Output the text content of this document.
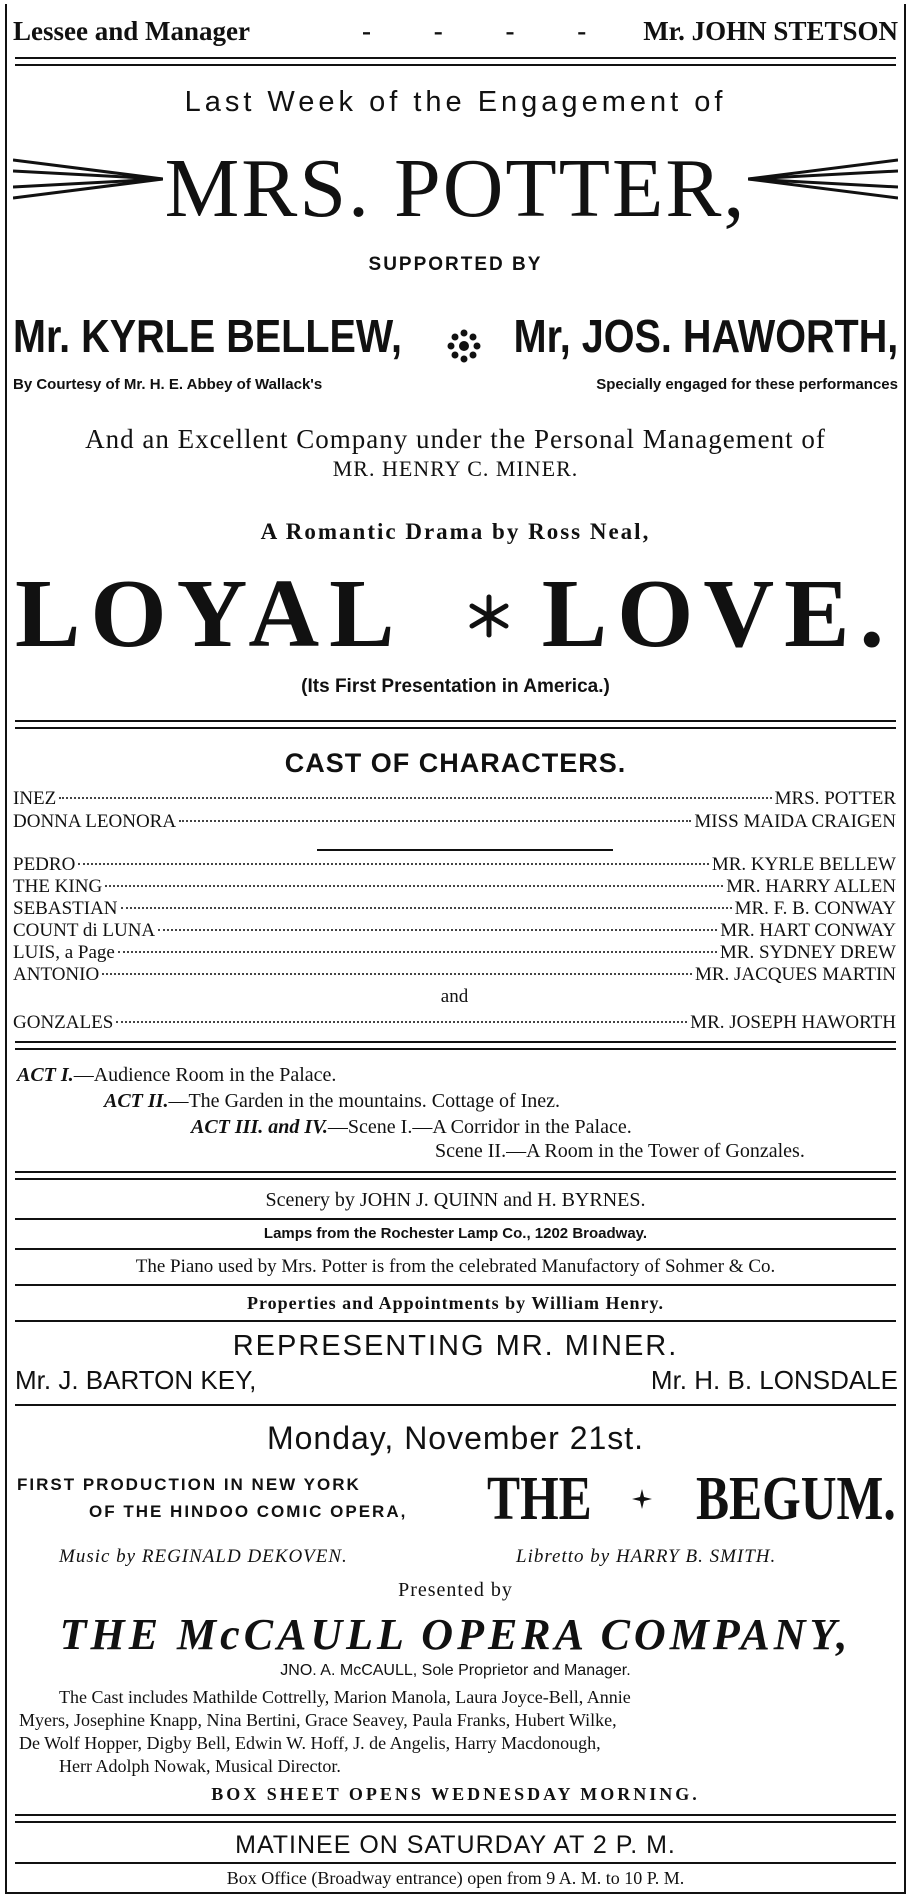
Lessee and Manager	- - - - Mr. JOHN STETSON
Last Week of the Engagement of
MRS. POTTER,
SUPPORTED BY
Mr. KYRLE BELLEW, Mr, JOS. HAWORTH,
By Courtesy of Mr. H. E. Abbey of Wallack's	Specially engaged for these performances
And an Excellent Company under the Personal Management of
MR. HENRY C. MINER.
A Romantic Drama by Ross Neal,
LOYAL LOVE.
(Its First Presentation in America.)
CAST OF CHARACTERS.
INEZ	MRS. POTTER
DONNA LEONORA	MISS MAIDA CRAIGEN
PEDRO	MR. KYRLE BELLEW
THE KING	MR. HARRY ALLEN
SEBASTIAN	MR. F. B. CONWAY
COUNT di LUNA	MR. HART CONWAY
LUIS, a Page	MR. SYDNEY DREW
ANTONIO	MR. JACQUES MARTIN
and
GONZALES	MR. JOSEPH HAWORTH
ACT I.—Audience Room in the Palace.
ACT II.—The Garden in the mountains. Cottage of Inez.
ACT III. and IV.—Scene I.—A Corridor in the Palace.
Scene II.—A Room in the Tower of Gonzales.
Scenery by JOHN J. QUINN and H. BYRNES.
Lamps from the Rochester Lamp Co., 1202 Broadway.
The Piano used by Mrs. Potter is from the celebrated Manufactory of Sohmer & Co.
Properties and Appointments by William Henry.
REPRESENTING MR. MINER.
Mr. J. BARTON KEY,	Mr. H. B. LONSDALE
Monday, November 21st.
FIRST PRODUCTION IN NEW YORK
OF THE HINDOO COMIC OPERA, THE BEGUM.
Music by REGINALD DEKOVEN.	Libretto by HARRY B. SMITH.
Presented by
THE McCAULL OPERA COMPANY,
JNO. A. McCAULL, Sole Proprietor and Manager.
The Cast includes Mathilde Cottrelly, Marion Manola, Laura Joyce-Bell, Annie
Myers, Josephine Knapp, Nina Bertini, Grace Seavey, Paula Franks, Hubert Wilke,
De Wolf Hopper, Digby Bell, Edwin W. Hoff, J. de Angelis, Harry Macdonough,
Herr Adolph Nowak, Musical Director.
BOX SHEET OPENS WEDNESDAY MORNING.
MATINEE ON SATURDAY AT 2 P. M.
Box Office (Broadway entrance) open from 9 A. M. to 10 P. M.
